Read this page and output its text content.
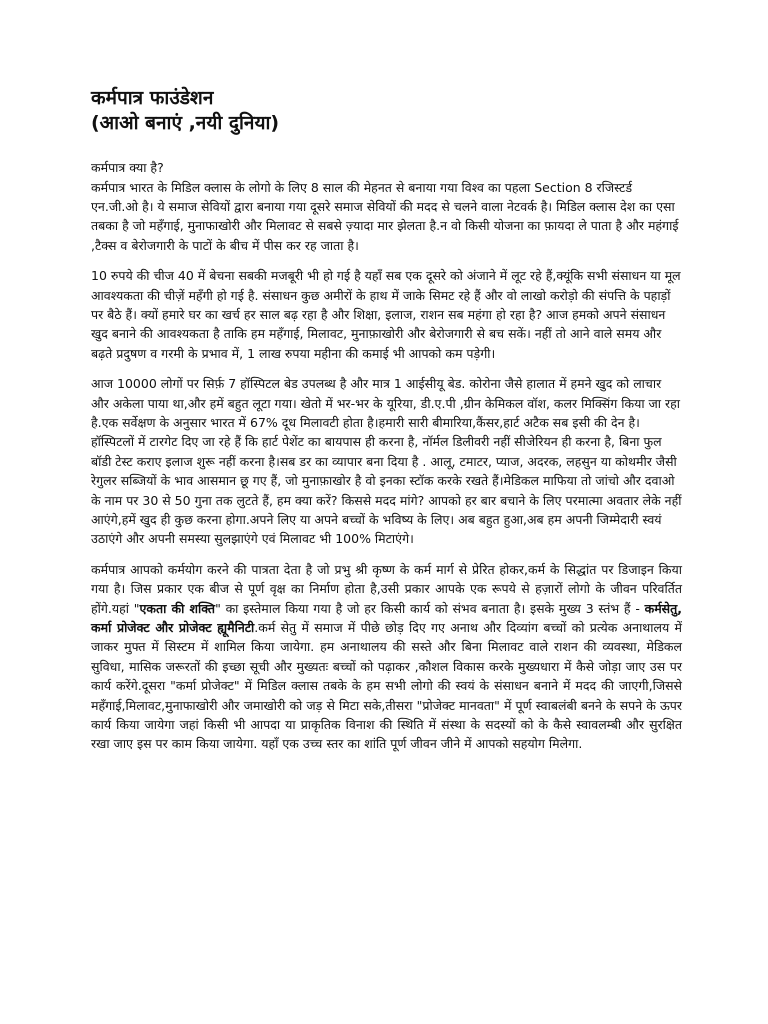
कर्मपात्र फाउंडेशन
(आओ बनाएं ,नयी दुनिया)

कर्मपात्र क्या है?

कर्मपात्र भारत के मिडिल क्लास के लोगो के लिए 8 साल की मेहनत से बनाया गया विश्व का पहला Section 8 रजिस्टर्ड एन.जी.ओ है। ये समाज सेवियों द्वारा बनाया गया दूसरे समाज सेवियों की मदद से चलने वाला नेटवर्क है। मिडिल क्लास देश का एसा तबका है जो महँगाई, मुनाफाखोरी और मिलावट से सबसे ज़्यादा मार झेलता है.न वो किसी योजना का फ़ायदा ले पाता है और महंगाई ,टैक्स व बेरोजगारी के पाटों के बीच में पीस कर रह जाता है।

10 रुपये की चीज 40 में बेचना सबकी मजबूरी भी हो गई है यहाँ सब एक दूसरे को अंजाने में लूट रहे हैं,क्यूंकि सभी संसाधन या मूल आवश्यकता की चीज़ें महँगी हो गई है. संसाधन कुछ अमीरों के हाथ में जाके सिमट रहे हैं और वो लाखो करोड़ो की संपत्ति के पहाड़ों पर बैठे हैं। क्यों हमारे घर का खर्च हर साल बढ़ रहा है और शिक्षा, इलाज, राशन सब महंगा हो रहा है? आज हमको अपने संसाधन खुद बनाने की आवश्यकता है ताकि हम महँगाई, मिलावट, मुनाफ़ाखोरी और बेरोजगारी से बच सकें। नहीं तो आने वाले समय और बढ़ते प्रदुषण व गरमी के प्रभाव में, 1 लाख रुपया महीना की कमाई भी आपको कम पड़ेगी।

आज 10000 लोगों पर सिर्फ़ 7 हॉस्पिटल बेड उपलब्ध है और मात्र 1 आईसीयू बेड. कोरोना जैसे हालात में हमने खुद को लाचार और अकेला पाया था,और हमें बहुत लूटा गया। खेतो में भर-भर के यूरिया, डी.ए.पी ,ग्रीन केमिकल वॉश, कलर मिक्सिंग किया जा रहा है.एक सर्वेक्षण के अनुसार भारत में 67% दूध मिलावटी होता है।हमारी सारी बीमारिया,कैंसर,हार्ट अटैक सब इसी की देन है। हॉस्पिटलों में टारगेट दिए जा रहे हैं कि हार्ट पेशेंट का बायपास ही करना है, नॉर्मल डिलीवरी नहीं सीजेरियन ही करना है, बिना फुल बॉडी टेस्ट कराए इलाज शुरू नहीं करना है।सब डर का व्यापार बना दिया है . आलू, टमाटर, प्याज, अदरक, लहसुन या कोथमीर जैसी रेगुलर सब्जियों के भाव आसमान छू गए हैं, जो मुनाफ़ाखोर है वो इनका स्टॉक करके रखते हैं।मेडिकल माफिया तो जांचो और दवाओ के नाम पर 30 से 50 गुना तक लुटते हैं, हम क्या करें? किससे मदद मांगे? आपको हर बार बचाने के लिए परमात्मा अवतार लेके नहीं आएंगे,हमें खुद ही कुछ करना होगा.अपने लिए या अपने बच्चों के भविष्य के लिए। अब बहुत हुआ,अब हम अपनी जिम्मेदारी स्वयं उठाएंगे और अपनी समस्या सुलझाएंगे एवं मिलावट भी 100% मिटाएंगे।

कर्मपात्र आपको कर्मयोग करने की पात्रता देता है जो प्रभु श्री कृष्ण के कर्म मार्ग से प्रेरित होकर,कर्म के सिद्धांत पर डिजाइन किया गया है। जिस प्रकार एक बीज से पूर्ण वृक्ष का निर्माण होता है,उसी प्रकार आपके एक रूपये से हज़ारों लोगो के जीवन परिवर्तित होंगे.यहां "एकता की शक्ति" का इस्तेमाल किया गया है जो हर किसी कार्य को संभव बनाता है। इसके मुख्य 3 स्तंभ हैं - कर्मसेतु, कर्मा प्रोजेक्ट और प्रोजेक्ट ह्यूमैनिटी.कर्म सेतु में समाज में पीछे छोड़ दिए गए अनाथ और दिव्यांग बच्चों को प्रत्येक अनाथालय में जाकर मुफ्त में सिस्टम में शामिल किया जायेगा. हम अनाथालय की सस्ते और बिना मिलावट वाले राशन की व्यवस्था, मेडिकल सुविधा, मासिक जरूरतों की इच्छा सूची और मुख्यतः बच्चों को पढ़ाकर ,कौशल विकास करके मुख्यधारा में कैसे जोड़ा जाए उस पर कार्य करेंगे.दूसरा "कर्मा प्रोजेक्ट" में मिडिल क्लास तबके के हम सभी लोगो की स्वयं के संसाधन बनाने में मदद की जाएगी,जिससे महँगाई,मिलावट,मुनाफाखोरी और जमाखोरी को जड़ से मिटा सके,तीसरा "प्रोजेक्ट मानवता" में पूर्ण स्वाबलंबी बनने के सपने के ऊपर कार्य किया जायेगा जहां किसी भी आपदा या प्राकृतिक विनाश की स्थिति में संस्था के सदस्यों को के कैसे स्वावलम्बी और सुरक्षित रखा जाए इस पर काम किया जायेगा. यहाँ एक उच्च स्तर का शांति पूर्ण जीवन जीने में आपको सहयोग मिलेगा.
